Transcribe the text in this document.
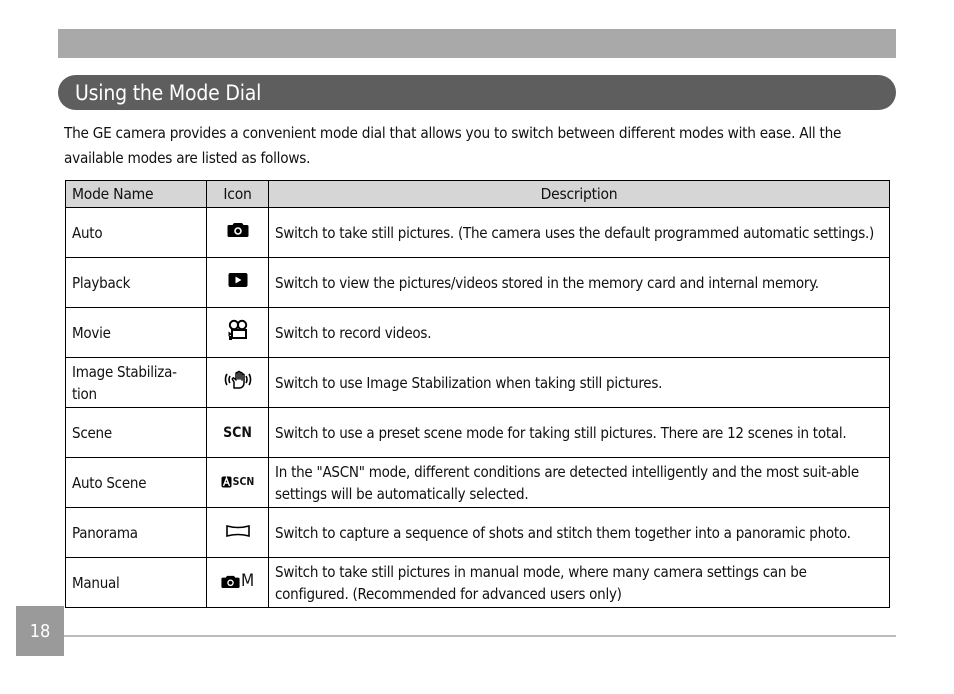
Using the Mode Dial
The GE camera provides a convenient mode dial that allows you to switch between different modes with ease. All the available modes are listed as follows.
Mode Name	Icon	Description
Auto		Switch to take still pictures. (The camera uses the default programmed automatic settings.)
Playback		Switch to view the pictures/videos stored in the memory card and internal memory.
Movie		Switch to record videos.
Image Stabiliza-tion		Switch to use Image Stabilization when taking still pictures.
Scene	SCN	Switch to use a preset scene mode for taking still pictures. There are 12 scenes in total.
Auto Scene	SCN	In the "ASCN" mode, different conditions are detected intelligently and the most suit-able settings will be automatically selected.
Panorama		Switch to capture a sequence of shots and stitch them together into a panoramic photo.
Manual	M	Switch to take still pictures in manual mode, where many camera settings can be configured. (Recommended for advanced users only)
18
